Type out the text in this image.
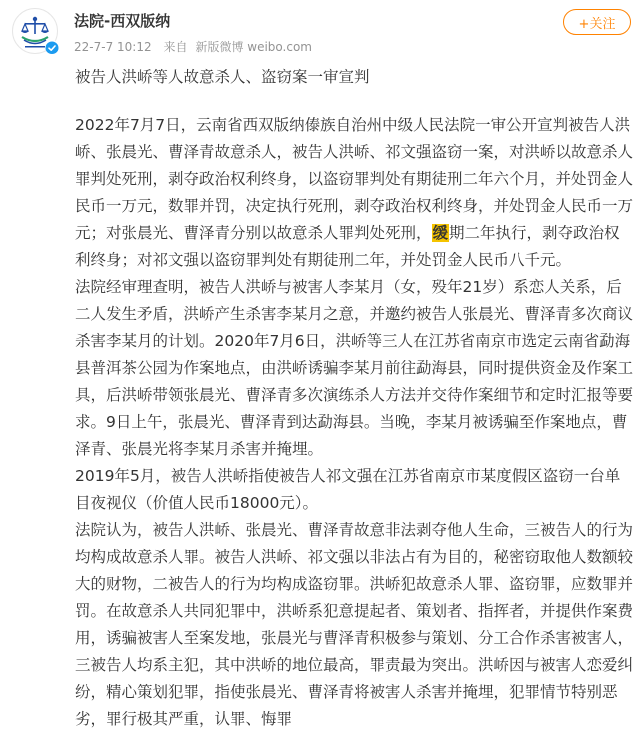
法院-西双版纳
22-7-7 10:12 来自 新版微博 weibo.com
+关注

被告人洪峤等人故意杀人、盗窃案一审宣判

2022年7月7日，云南省西双版纳傣族自治州中级人民法院一审公开宣判被告人洪峤、张晨光、曹泽青故意杀人，被告人洪峤、祁文强盗窃一案，对洪峤以故意杀人罪判处死刑，剥夺政治权利终身，以盗窃罪判处有期徒刑二年六个月，并处罚金人民币一万元，数罪并罚，决定执行死刑，剥夺政治权利终身，并处罚金人民币一万元；对张晨光、曹泽青分别以故意杀人罪判处死刑，缓期二年执行，剥夺政治权利终身；对祁文强以盗窃罪判处有期徒刑二年，并处罚金人民币八千元。

法院经审理查明，被告人洪峤与被害人李某月（女，殁年21岁）系恋人关系，后二人发生矛盾，洪峤产生杀害李某月之意，并邀约被告人张晨光、曹泽青多次商议杀害李某月的计划。2020年7月6日，洪峤等三人在江苏省南京市选定云南省勐海县普洱茶公园为作案地点，由洪峤诱骗李某月前往勐海县，同时提供资金及作案工具，后洪峤带领张晨光、曹泽青多次演练杀人方法并交待作案细节和定时汇报等要求。9日上午，张晨光、曹泽青到达勐海县。当晚，李某月被诱骗至作案地点，曹泽青、张晨光将李某月杀害并掩埋。

2019年5月，被告人洪峤指使被告人祁文强在江苏省南京市某度假区盗窃一台单目夜视仪（价值人民币18000元）。

法院认为，被告人洪峤、张晨光、曹泽青故意非法剥夺他人生命，三被告人的行为均构成故意杀人罪。被告人洪峤、祁文强以非法占有为目的，秘密窃取他人数额较大的财物，二被告人的行为均构成盗窃罪。洪峤犯故意杀人罪、盗窃罪，应数罪并罚。在故意杀人共同犯罪中，洪峤系犯意提起者、策划者、指挥者，并提供作案费用，诱骗被害人至案发地，张晨光与曹泽青积极参与策划、分工合作杀害被害人，三被告人均系主犯，其中洪峤的地位最高，罪责最为突出。洪峤因与被害人恋爱纠纷，精心策划犯罪，指使张晨光、曹泽青将被害人杀害并掩埋，犯罪情节特别恶劣，罪行极其严重，认罪、悔罪
